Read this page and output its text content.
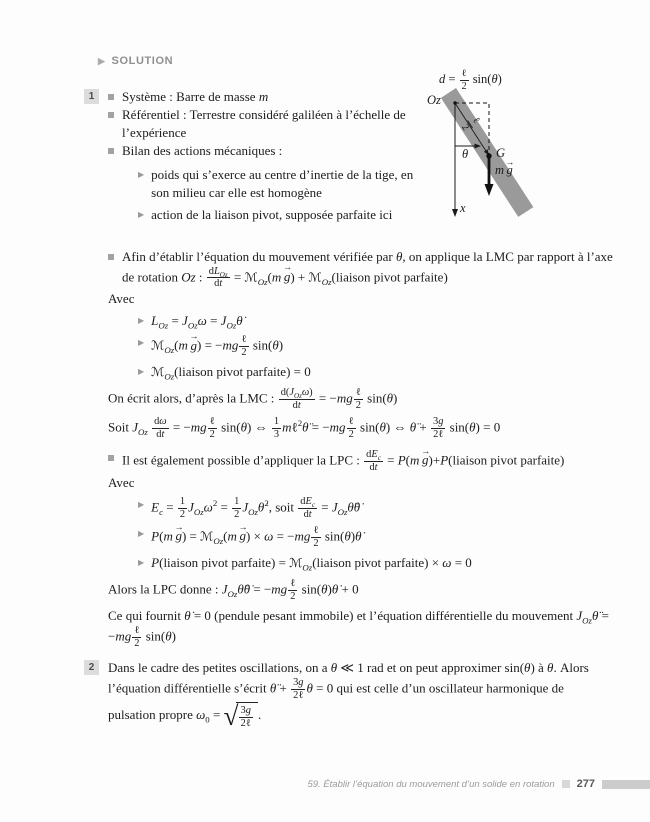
▶ SOLUTION
$d = \frac{\text{ℓ}}{2} \sin(\theta)$
Oz
ℓ
2
θ G
m  g
→
x
1	Système : Barre de masse m
Référentiel : Terrestre considéré galiléen à l’échelle de l’expérience
Bilan des actions mécaniques :
▶ poids qui s’exerce au centre d’inertie de la tige, en son milieu car elle est homogène
▶ action de la liaison pivot, supposée parfaite ici
Afin d’établir l’équation du mouvement vérifiée par θ, on applique la LMC par rapport à l’axe de rotation Oz : $\frac{dL_{Oz}}{dt}$ = ℳ$_{Oz}$(m  g
→
) + ℳ$_{Oz}$(liaison pivot parfaite)
Avec
▶ $L_{Oz} = J_{Oz}\omega$ = $J_{Oz}\thetȧ$
▶ ℳ$_{Oz}$(m  g
→
) = $-mg \frac{\text{ℓ}}{2} \sin(\theta)$
▶ ℳ$_{Oz}$(liaison pivot parfaite) = 0
On écrit alors, d’après la LMC : $\frac{d(J_{Oz}\omega)}{dt} = -mg \frac{\text{ℓ}}{2} \sin(\theta)$
Soit $J_{Oz} \frac{d\omega}{dt} = -mg \frac{\text{ℓ}}{2} \sin(\theta)$ ⇔ $\frac{1}{3}$ mℓ$^2$θ̈ = $-mg \frac{\text{ℓ}}{2} \sin(\theta)$ ⇔ θ̈ + $\frac{3g}{\text{2ℓ}} \sin(\theta) = 0$
Il est également possible d’appliquer la LPC : $\frac{dE_c}{dt} = P(m$  g
→
)+P(liaison pivot parfaite)
Avec
▶ $E_c = \frac{1}{2} J_{Oz}\omega^2 = \frac{1}{2}$ $J_{Oz}\thetȧ^2$, soit $\frac{dE_c}{dt}$ = $J_{Oz}\thetä\thetȧ$
▶ P(m  g
→
) = ℳ$_{Oz}$(m  g
→
) × $\omega = -mg \frac{\text{ℓ}}{2}$ sin(θ)θ̇
▶ P(liaison pivot parfaite) = ℳ$_{Oz}$(liaison pivot parfaite) × ω = 0
Alors la LPC donne : $J_{Oz}\thetä\thetȧ = -mg \frac{\text{ℓ}}{2}$ sin(θ)θ̇ + 0
Ce qui fournit θ̇ = 0 (pendule pesant immobile) et l’équation différentielle du mouvement $J_{Oz}\thetä = -mg \frac{\text{ℓ}}{2} \sin(\theta)$
2	Dans le cadre des petites oscillations, on a θ ≪ 1 rad et on peut approximer sin(θ) à θ. Alors l’équation différentielle s’écrit θ̈ + $\frac{3g}{\text{2ℓ}}$ θ = 0 qui est celle d’un oscillateur harmonique de pulsation propre $\omega_0$ = √ $\frac{3g}{\text{2ℓ}}$ .
59. Établir l’équation du mouvement d’un solide en rotation 277
